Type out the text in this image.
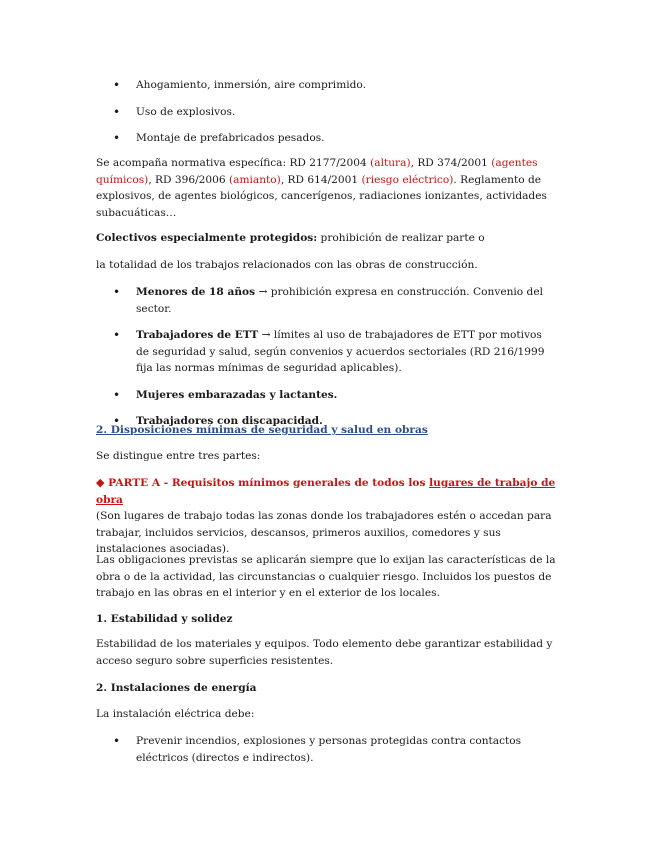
• Ahogamiento, inmersión, aire comprimido.
• Uso de explosivos.
• Montaje de prefabricados pesados.

Se acompaña normativa específica: RD 2177/2004 (altura), RD 374/2001 (agentes químicos), RD 396/2006 (amianto), RD 614/2001 (riesgo eléctrico). Reglamento de explosivos, de agentes biológicos, cancerígenos, radiaciones ionizantes, actividades subacuáticas…

Colectivos especialmente protegidos: prohibición de realizar parte o

la totalidad de los trabajos relacionados con las obras de construcción.

• Menores de 18 años → prohibición expresa en construcción. Convenio del sector.
• Trabajadores de ETT → límites al uso de trabajadores de ETT por motivos de seguridad y salud, según convenios y acuerdos sectoriales (RD 216/1999 fija las normas mínimas de seguridad aplicables).
• Mujeres embarazadas y lactantes.
• Trabajadores con discapacidad.

2. Disposiciones mínimas de seguridad y salud en obras

Se distingue entre tres partes:

◆ PARTE A - Requisitos mínimos generales de todos los lugares de trabajo de obra
(Son lugares de trabajo todas las zonas donde los trabajadores estén o accedan para trabajar, incluidos servicios, descansos, primeros auxilios, comedores y sus instalaciones asociadas).

Las obligaciones previstas se aplicarán siempre que lo exijan las características de la obra o de la actividad, las circunstancias o cualquier riesgo. Incluidos los puestos de trabajo en las obras en el interior y en el exterior de los locales.

1. Estabilidad y solidez

Estabilidad de los materiales y equipos. Todo elemento debe garantizar estabilidad y acceso seguro sobre superficies resistentes.

2. Instalaciones de energía

La instalación eléctrica debe:

• Prevenir incendios, explosiones y personas protegidas contra contactos eléctricos (directos e indirectos).
